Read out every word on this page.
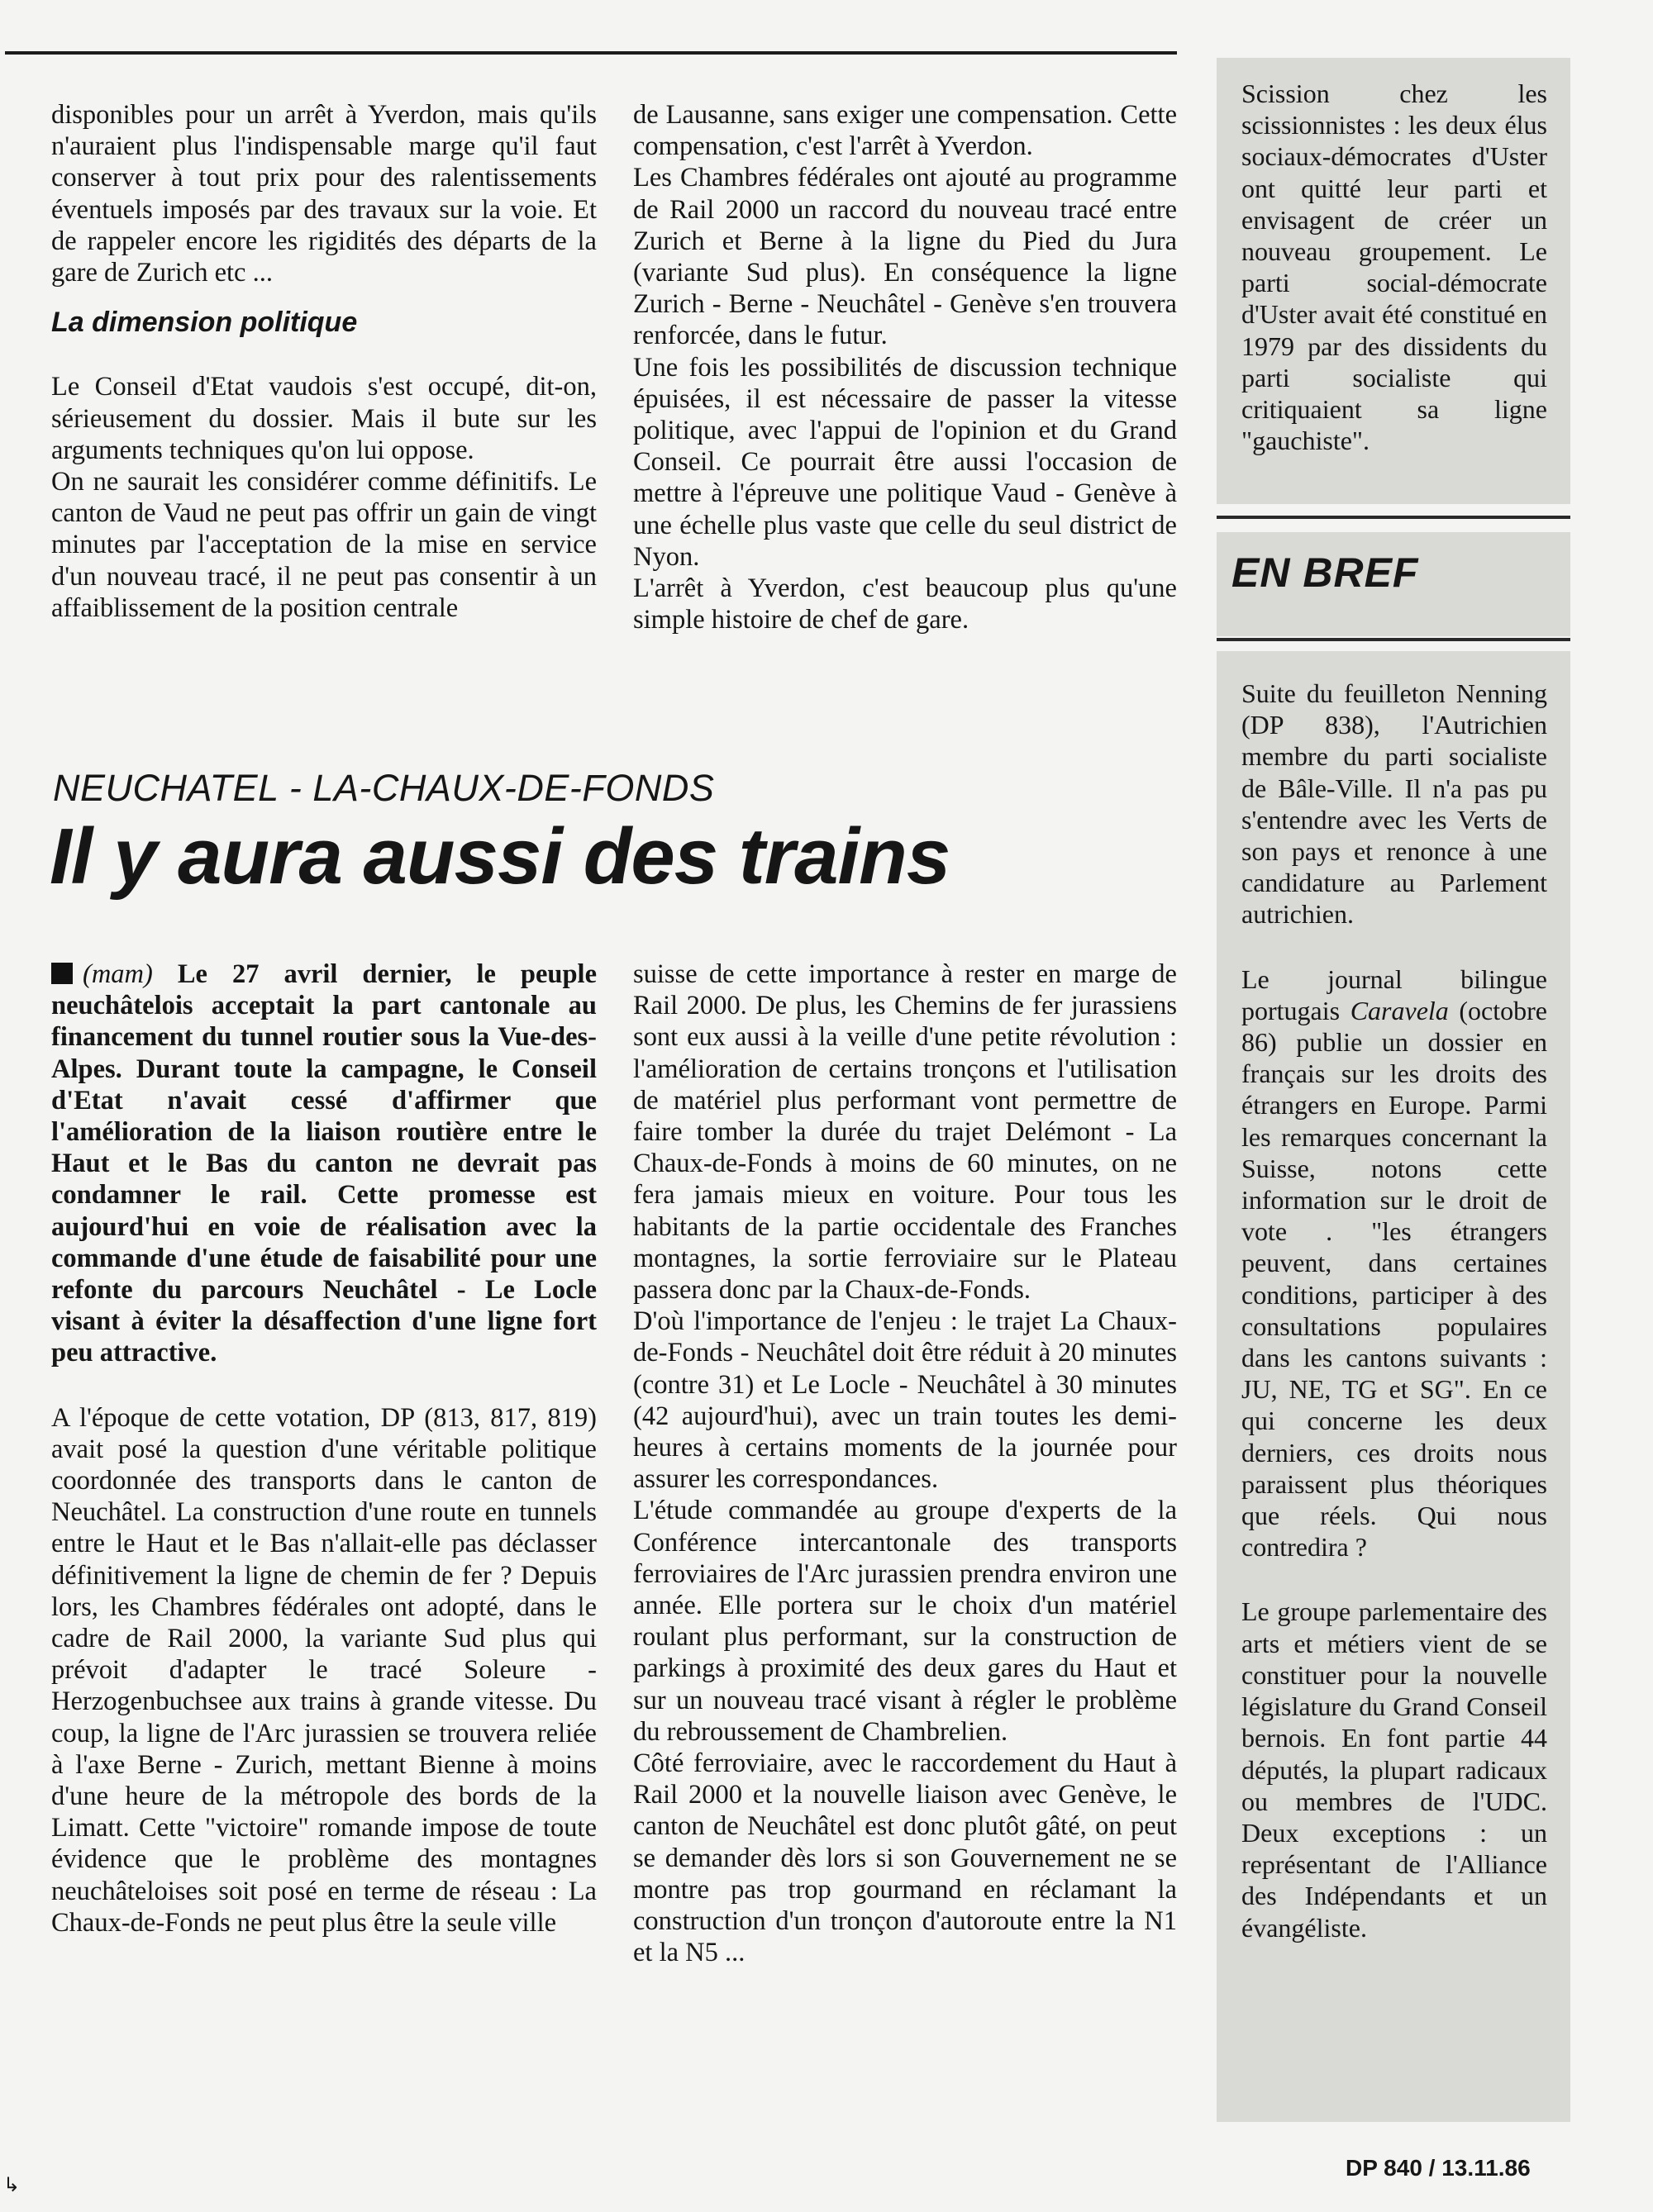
disponibles pour un arrêt à Yverdon, mais qu'ils n'auraient plus l'indispensable marge qu'il faut conserver à tout prix pour des ralentissements éventuels imposés par des travaux sur la voie. Et de rappeler encore les rigidités des départs de la gare de Zurich etc ...

La dimension politique

Le Conseil d'Etat vaudois s'est occupé, dit-on, sérieusement du dossier. Mais il bute sur les arguments techniques qu'on lui oppose.

On ne saurait les considérer comme définitifs. Le canton de Vaud ne peut pas offrir un gain de vingt minutes par l'acceptation de la mise en service d'un nouveau tracé, il ne peut pas consentir à un affaiblissement de la position centrale

de Lausanne, sans exiger une compensation. Cette compensation, c'est l'arrêt à Yverdon.

Les Chambres fédérales ont ajouté au programme de Rail 2000 un raccord du nouveau tracé entre Zurich et Berne à la ligne du Pied du Jura (variante Sud plus). En conséquence la ligne Zurich - Berne - Neuchâtel - Genève s'en trouvera renforcée, dans le futur.

Une fois les possibilités de discussion technique épuisées, il est nécessaire de passer la vitesse politique, avec l'appui de l'opinion et du Grand Conseil. Ce pourrait être aussi l'occasion de mettre à l'épreuve une politique Vaud - Genève à une échelle plus vaste que celle du seul district de Nyon.

L'arrêt à Yverdon, c'est beaucoup plus qu'une simple histoire de chef de gare.

NEUCHATEL - LA-CHAUX-DE-FONDS
Il y aura aussi des trains

(mam) Le 27 avril dernier, le peuple neuchâtelois acceptait la part cantonale au financement du tunnel routier sous la Vue-des-Alpes. Durant toute la campagne, le Conseil d'Etat n'avait cessé d'affirmer que l'amélioration de la liaison routière entre le Haut et le Bas du canton ne devrait pas condamner le rail. Cette promesse est aujourd'hui en voie de réalisation avec la commande d'une étude de faisabilité pour une refonte du parcours Neuchâtel - Le Locle visant à éviter la désaffection d'une ligne fort peu attractive.

A l'époque de cette votation, DP (813, 817, 819) avait posé la question d'une véritable politique coordonnée des transports dans le canton de Neuchâtel. La construction d'une route en tunnels entre le Haut et le Bas n'allait-elle pas déclasser définitivement la ligne de chemin de fer ? Depuis lors, les Chambres fédérales ont adopté, dans le cadre de Rail 2000, la variante Sud plus qui prévoit d'adapter le tracé Soleure - Herzogenbuchsee aux trains à grande vitesse. Du coup, la ligne de l'Arc jurassien se trouvera reliée à l'axe Berne - Zurich, mettant Bienne à moins d'une heure de la métropole des bords de la Limatt. Cette "victoire" romande impose de toute évidence que le problème des montagnes neuchâteloises soit posé en terme de réseau : La Chaux-de-Fonds ne peut plus être la seule ville

suisse de cette importance à rester en marge de Rail 2000. De plus, les Chemins de fer jurassiens sont eux aussi à la veille d'une petite révolution : l'amélioration de certains tronçons et l'utilisation de matériel plus performant vont permettre de faire tomber la durée du trajet Delémont - La Chaux-de-Fonds à moins de 60 minutes, on ne fera jamais mieux en voiture. Pour tous les habitants de la partie occidentale des Franches montagnes, la sortie ferroviaire sur le Plateau passera donc par la Chaux-de-Fonds.

D'où l'importance de l'enjeu : le trajet La Chaux-de-Fonds - Neuchâtel doit être réduit à 20 minutes (contre 31) et Le Locle - Neuchâtel à 30 minutes (42 aujourd'hui), avec un train toutes les demi-heures à certains moments de la journée pour assurer les correspondances.

L'étude commandée au groupe d'experts de la Conférence intercantonale des transports ferroviaires de l'Arc jurassien prendra environ une année. Elle portera sur le choix d'un matériel roulant plus performant, sur la construction de parkings à proximité des deux gares du Haut et sur un nouveau tracé visant à régler le problème du rebroussement de Chambrelien.

Côté ferroviaire, avec le raccordement du Haut à Rail 2000 et la nouvelle liaison avec Genève, le canton de Neuchâtel est donc plutôt gâté, on peut se demander dès lors si son Gouvernement ne se montre pas trop gourmand en réclamant la construction d'un tronçon d'autoroute entre la N1 et la N5 ...

Scission chez les scissionnistes : les deux élus sociaux-démocrates d'Uster ont quitté leur parti et envisagent de créer un nouveau groupement. Le parti social-démocrate d'Uster avait été constitué en 1979 par des dissidents du parti socialiste qui critiquaient sa ligne "gauchiste".
EN BREF

Suite du feuilleton Nenning (DP 838), l'Autrichien membre du parti socialiste de Bâle-Ville. Il n'a pas pu s'entendre avec les Verts de son pays et renonce à une candidature au Parlement autrichien.

Le journal bilingue portugais Caravela (octobre 86) publie un dossier en français sur les droits des étrangers en Europe. Parmi les remarques concernant la Suisse, notons cette information sur le droit de vote . "les étrangers peuvent, dans certaines conditions, participer à des consultations populaires dans les cantons suivants : JU, NE, TG et SG". En ce qui concerne les deux derniers, ces droits nous paraissent plus théoriques que réels. Qui nous contredira ?

Le groupe parlementaire des arts et métiers vient de se constituer pour la nouvelle législature du Grand Conseil bernois. En font partie 44 députés, la plupart radicaux ou membres de l'UDC. Deux exceptions : un représentant de l'Alliance des Indépendants et un évangéliste.

DP 840 / 13.11.86
↳
